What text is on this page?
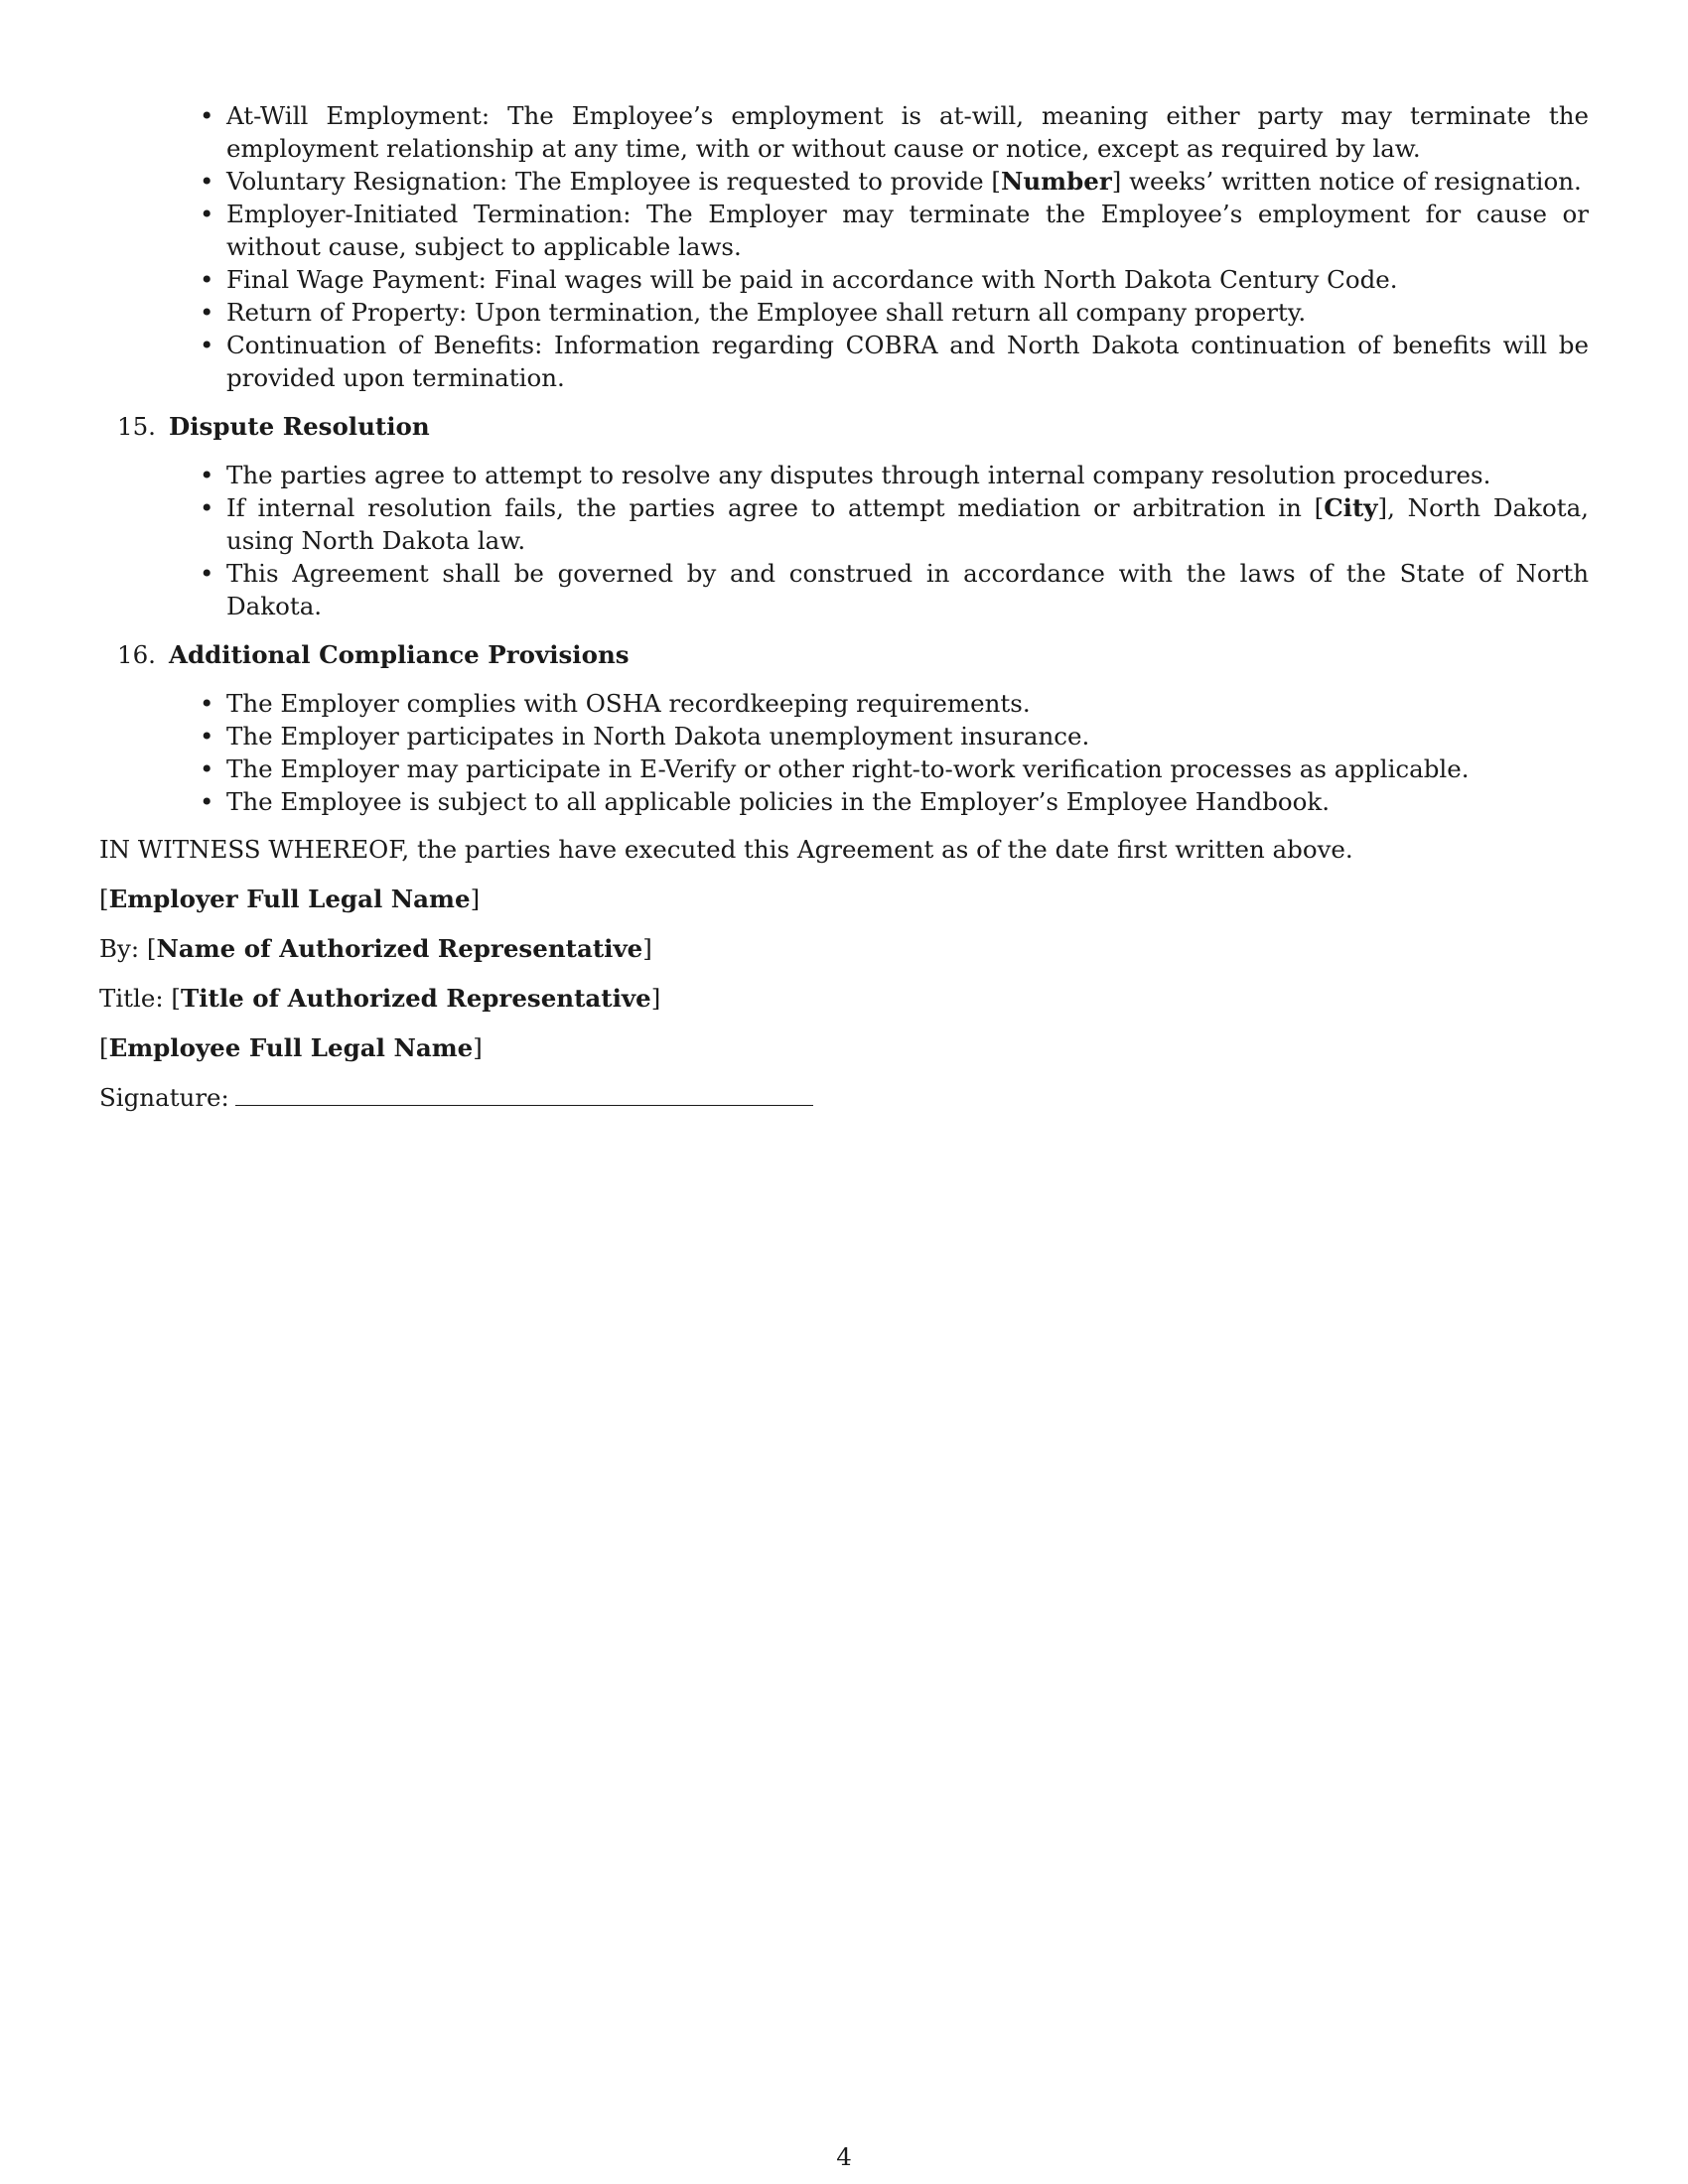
• At-Will Employment: The Employee’s employment is at-will, meaning either party may terminate the employment relationship at any time, with or without cause or notice, except as required by law.
• Voluntary Resignation: The Employee is requested to provide [Number] weeks’ written notice of resignation.
• Employer-Initiated Termination: The Employer may terminate the Employee’s employment for cause or without cause, subject to applicable laws.
• Final Wage Payment: Final wages will be paid in accordance with North Dakota Century Code.
• Return of Property: Upon termination, the Employee shall return all company property.
• Continuation of Benefits: Information regarding COBRA and North Dakota continuation of benefits will be provided upon termination.
15. Dispute Resolution
• The parties agree to attempt to resolve any disputes through internal company resolution procedures.
• If internal resolution fails, the parties agree to attempt mediation or arbitration in [City], North Dakota, using North Dakota law.
• This Agreement shall be governed by and construed in accordance with the laws of the State of North Dakota.
16. Additional Compliance Provisions
• The Employer complies with OSHA recordkeeping requirements.
• The Employer participates in North Dakota unemployment insurance.
• The Employer may participate in E-Verify or other right-to-work verification processes as applicable.
• The Employee is subject to all applicable policies in the Employer’s Employee Handbook.

IN WITNESS WHEREOF, the parties have executed this Agreement as of the date first written above.

[Employer Full Legal Name]

By: [Name of Authorized Representative]

Title: [Title of Authorized Representative]

[Employee Full Legal Name]

Signature:

4
